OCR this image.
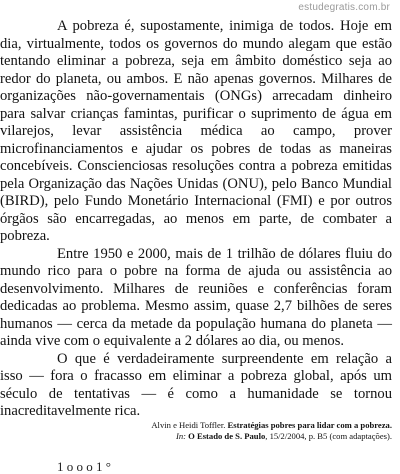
estudegratis.com.br

A pobreza é, supostamente, inimiga de todos. Hoje em dia, virtualmente, todos os governos do mundo alegam que estão tentando eliminar a pobreza, seja em âmbito doméstico seja ao redor do planeta, ou ambos. E não apenas governos. Milhares de organizações não-governamentais (ONGs) arrecadam dinheiro para salvar crianças famintas, purificar o suprimento de água em vilarejos, levar assistência médica ao campo, prover microfinanciamentos e ajudar os pobres de todas as maneiras concebíveis. Conscienciosas resoluções contra a pobreza emitidas pela Organização das Nações Unidas (ONU), pelo Banco Mundial (BIRD), pelo Fundo Monetário Internacional (FMI) e por outros órgãos são encarregadas, ao menos em parte, de combater a pobreza.

Entre 1950 e 2000, mais de 1 trilhão de dólares fluiu do mundo rico para o pobre na forma de ajuda ou assistência ao desenvolvimento. Milhares de reuniões e conferências foram dedicadas ao problema. Mesmo assim, quase 2,7 bilhões de seres humanos — cerca da metade da população humana do planeta — ainda vive com o equivalente a 2 dólares ao dia, ou menos.

O que é verdadeiramente surpreendente em relação a isso — fora o fracasso em eliminar a pobreza global, após um século de tentativas — é como a humanidade se tornou inacreditavelmente rica.

Alvin e Heidi Toffler. Estratégias pobres para lidar com a pobreza.
In: O Estado de S. Paulo, 15/2/2004, p. B5 (com adaptações).
1 o o o 1 °
